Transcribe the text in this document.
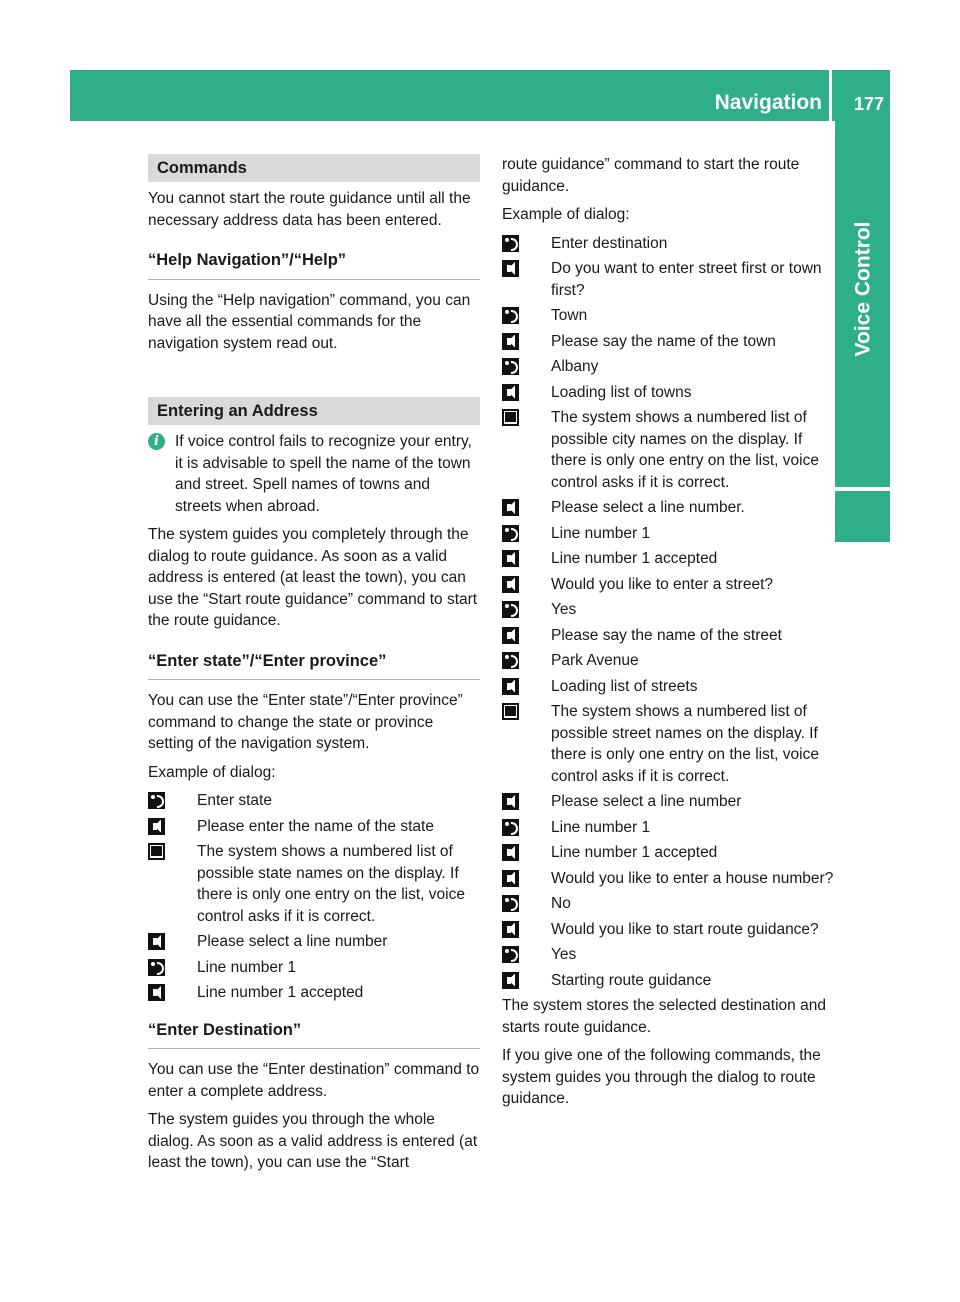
Navigation 177
Voice Control
Commands

You cannot start the route guidance until all the necessary address data has been entered.

“Help Navigation”/“Help”

Using the “Help navigation” command, you can have all the essential commands for the navigation system read out.

Entering an Address
i	If voice control fails to recognize your entry, it is advisable to spell the name of the town and street. Spell names of towns and streets when abroad.

The system guides you completely through the dialog to route guidance. As soon as a valid address is entered (at least the town), you can use the “Start route guidance” command to start the route guidance.

“Enter state”/“Enter province”

You can use the “Enter state”/“Enter province” command to change the state or province setting of the navigation system.

Example of dialog:

Enter state
Please enter the name of the state
The system shows a numbered list of possible state names on the display. If there is only one entry on the list, voice control asks if it is correct.
Please select a line number
Line number 1
Line number 1 accepted
“Enter Destination”

You can use the “Enter destination” command to enter a complete address.

The system guides you through the whole dialog. As soon as a valid address is entered (at least the town), you can use the “Start

route guidance” command to start the route guidance.

Example of dialog:

Enter destination
Do you want to enter street first or town first?
Town
Please say the name of the town
Albany
Loading list of towns
The system shows a numbered list of possible city names on the display. If there is only one entry on the list, voice control asks if it is correct.
Please select a line number.
Line number 1
Line number 1 accepted
Would you like to enter a street?
Yes
Please say the name of the street
Park Avenue
Loading list of streets
The system shows a numbered list of possible street names on the display. If there is only one entry on the list, voice control asks if it is correct.
Please select a line number
Line number 1
Line number 1 accepted
Would you like to enter a house number?
No
Would you like to start route guidance?
Yes
Starting route guidance

The system stores the selected destination and starts route guidance.

If you give one of the following commands, the system guides you through the dialog to route guidance.
